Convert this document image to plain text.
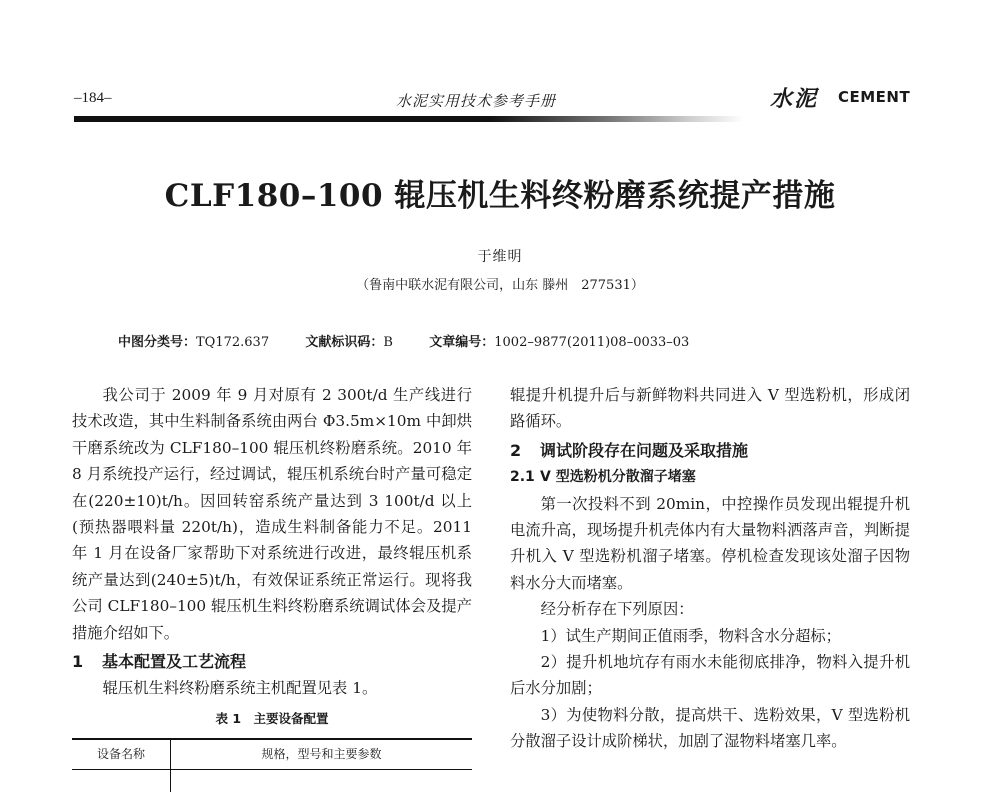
–184–	水泥实用技术参考手册	水泥 CEMENT
CLF180–100 辊压机生料终粉磨系统提产措施
于维明
（鲁南中联水泥有限公司，山东 滕州　277531）
中图分类号：TQ172.637	文献标识码：B	文章编号：1002–9877(2011)08–0033–03
我公司于 2009 年 9 月对原有 2 300t/d 生产线进行技术改造，其中生料制备系统由两台 Φ3.5m×10m 中卸烘干磨系统改为 CLF180–100 辊压机终粉磨系统。2010 年 8 月系统投产运行，经过调试，辊压机系统台时产量可稳定在(220±10)t/h。因回转窑系统产量达到 3 100t/d 以上(预热器喂料量 220t/h)，造成生料制备能力不足。2011 年 1 月在设备厂家帮助下对系统进行改进，最终辊压机系统产量达到(240±5)t/h，有效保证系统正常运行。现将我公司 CLF180–100 辊压机生料终粉磨系统调试体会及提产措施介绍如下。
1 基本配置及工艺流程
辊压机生料终粉磨系统主机配置见表 1。
表 1　主要设备配置
设备名称	规格，型号和主要参数

辊提升机提升后与新鲜物料共同进入 V 型选粉机，形成闭路循环。
2 调试阶段存在问题及采取措施
2.1 V 型选粉机分散溜子堵塞
第一次投料不到 20min，中控操作员发现出辊提升机电流升高，现场提升机壳体内有大量物料洒落声音，判断提升机入 V 型选粉机溜子堵塞。停机检查发现该处溜子因物料水分大而堵塞。
经分析存在下列原因：
1）试生产期间正值雨季，物料含水分超标；
2）提升机地坑存有雨水未能彻底排净，物料入提升机后水分加剧；
3）为使物料分散，提高烘干、选粉效果，V 型选粉机分散溜子设计成阶梯状，加剧了湿物料堵塞几率。
